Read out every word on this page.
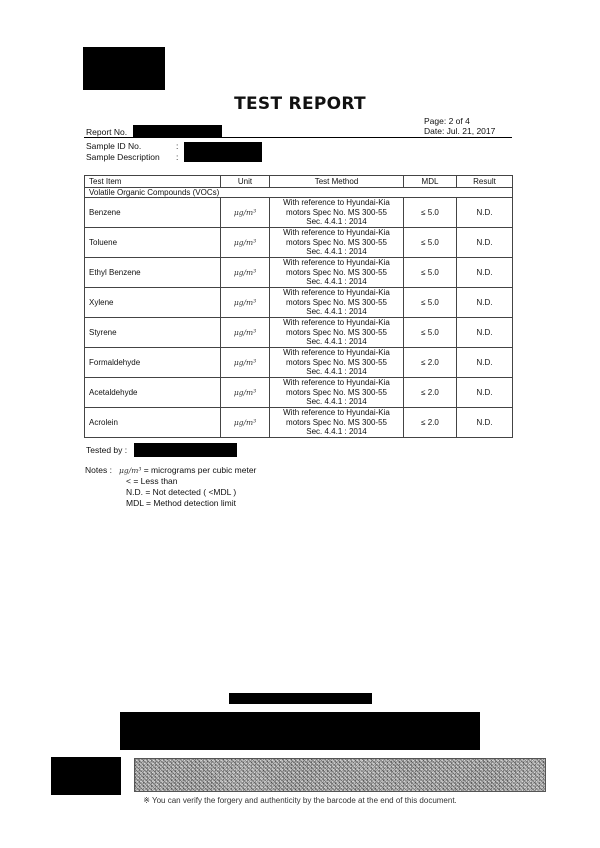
TEST REPORT
Page: 2 of 4
Date: Jul. 21, 2017
Report No.
Sample ID No.	:
Sample Description :
Test Item	Unit	Test Method	MDL	Result
Volatile Organic Compounds (VOCs)				
Benzene	μg/m³	With reference to Hyundai-Kia
motors Spec No. MS 300-55
Sec. 4.4.1 : 2014	≤ 5.0	N.D.
Toluene	μg/m³	With reference to Hyundai-Kia
motors Spec No. MS 300-55
Sec. 4.4.1 : 2014	≤ 5.0	N.D.
Ethyl Benzene	μg/m³	With reference to Hyundai-Kia
motors Spec No. MS 300-55
Sec. 4.4.1 : 2014	≤ 5.0	N.D.
Xylene	μg/m³	With reference to Hyundai-Kia
motors Spec No. MS 300-55
Sec. 4.4.1 : 2014	≤ 5.0	N.D.
Styrene	μg/m³	With reference to Hyundai-Kia
motors Spec No. MS 300-55
Sec. 4.4.1 : 2014	≤ 5.0	N.D.
Formaldehyde	μg/m³	With reference to Hyundai-Kia
motors Spec No. MS 300-55
Sec. 4.4.1 : 2014	≤ 2.0	N.D.
Acetaldehyde	μg/m³	With reference to Hyundai-Kia
motors Spec No. MS 300-55
Sec. 4.4.1 : 2014	≤ 2.0	N.D.
Acrolein	μg/m³	With reference to Hyundai-Kia
motors Spec No. MS 300-55
Sec. 4.4.1 : 2014	≤ 2.0	N.D.
Tested by :
Notes : μg/m³ = micrograms per cubic meter
< = Less than
N.D. = Not detected ( <MDL )
MDL = Method detection limit
※ You can verify the forgery and authenticity by the barcode at the end of this document.
